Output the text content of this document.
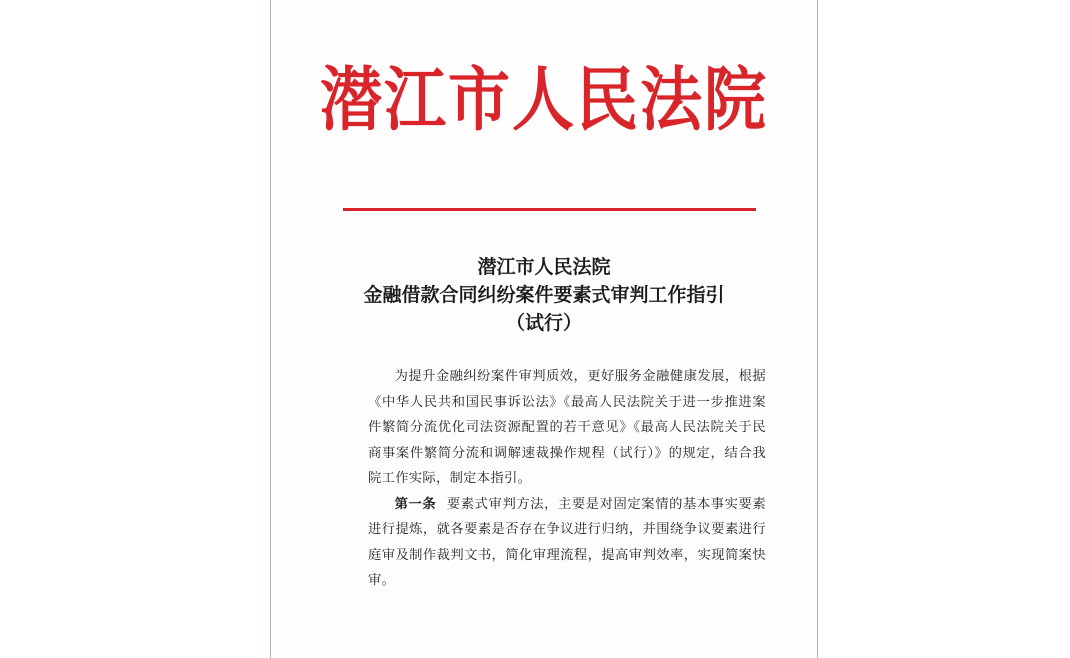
潜江市人民法院
潜江市人民法院
金融借款合同纠纷案件要素式审判工作指引
（试行）

为提升金融纠纷案件审判质效，更好服务金融健康发展，根据《中华人民共和国民事诉讼法》《最高人民法院关于进一步推进案件繁简分流优化司法资源配置的若干意见》《最高人民法院关于民商事案件繁简分流和调解速裁操作规程（试行）》的规定，结合我院工作实际，制定本指引。

第一条 要素式审判方法，主要是对固定案情的基本事实要素进行提炼，就各要素是否存在争议进行归纳，并围绕争议要素进行庭审及制作裁判文书，简化审理流程，提高审判效率，实现简案快审。
